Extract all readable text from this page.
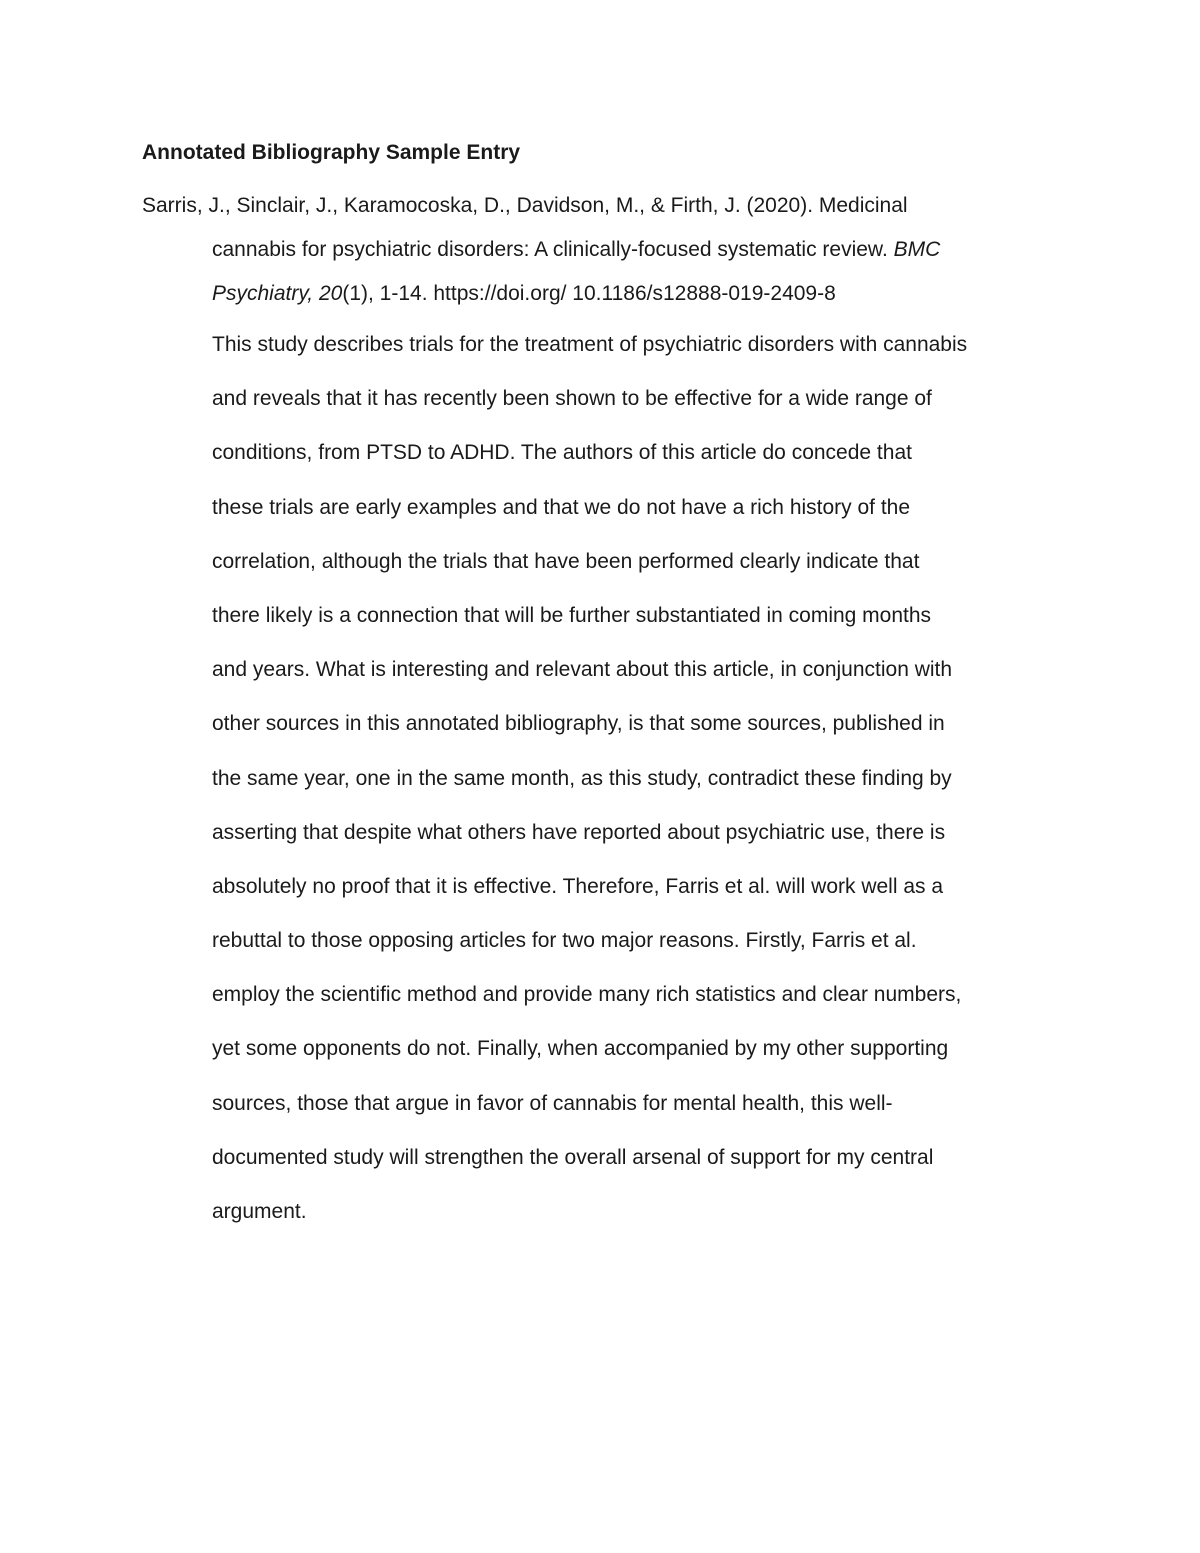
Annotated Bibliography Sample Entry
Sarris, J., Sinclair, J., Karamocoska, D., Davidson, M., & Firth, J. (2020). Medicinal
cannabis for psychiatric disorders: A clinically-focused systematic review. BMC
Psychiatry, 20(1), 1-14. https://doi.org/ 10.1186/s12888-019-2409-8
This study describes trials for the treatment of psychiatric disorders with cannabis
and reveals that it has recently been shown to be effective for a wide range of
conditions, from PTSD to ADHD. The authors of this article do concede that
these trials are early examples and that we do not have a rich history of the
correlation, although the trials that have been performed clearly indicate that
there likely is a connection that will be further substantiated in coming months
and years. What is interesting and relevant about this article, in conjunction with
other sources in this annotated bibliography, is that some sources, published in
the same year, one in the same month, as this study, contradict these finding by
asserting that despite what others have reported about psychiatric use, there is
absolutely no proof that it is effective. Therefore, Farris et al. will work well as a
rebuttal to those opposing articles for two major reasons. Firstly, Farris et al.
employ the scientific method and provide many rich statistics and clear numbers,
yet some opponents do not. Finally, when accompanied by my other supporting
sources, those that argue in favor of cannabis for mental health, this well-
documented study will strengthen the overall arsenal of support for my central
argument.
